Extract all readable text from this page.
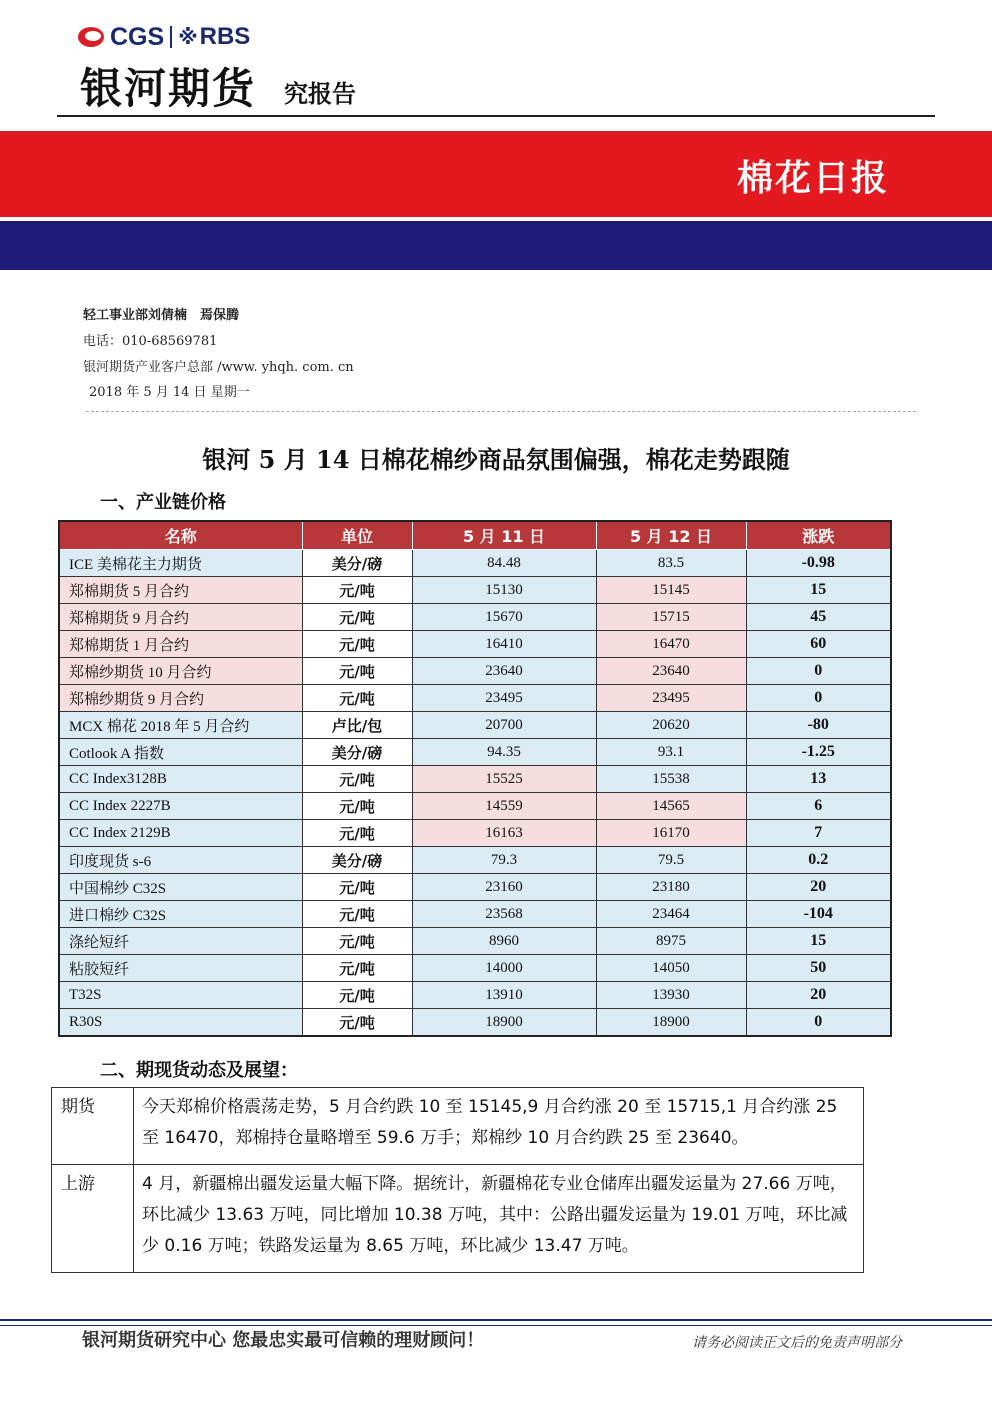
CGS ※ RBS
银河期货 究报告
棉花日报
轻工事业部刘倩楠　焉保腾
电话：010-68569781
银河期货产业客户总部 /www. yhqh. com. cn
2018 年 5 月 14 日 星期一
银河 5 月 14 日棉花棉纱商品氛围偏强，棉花走势跟随
一、产业链价格
名称	单位	5 月 11 日	5 月 12 日	涨跌
ICE 美棉花主力期货	美分/磅	84.48	83.5	-0.98
郑棉期货 5 月合约	元/吨	15130	15145	15
郑棉期货 9 月合约	元/吨	15670	15715	45
郑棉期货 1 月合约	元/吨	16410	16470	60
郑棉纱期货 10 月合约	元/吨	23640	23640	0
郑棉纱期货 9 月合约	元/吨	23495	23495	0
MCX 棉花 2018 年 5 月合约	卢比/包	20700	20620	-80
Cotlook A 指数	美分/磅	94.35	93.1	-1.25
CC Index3128B	元/吨	15525	15538	13
CC Index 2227B	元/吨	14559	14565	6
CC Index 2129B	元/吨	16163	16170	7
印度现货 s-6	美分/磅	79.3	79.5	0.2
中国棉纱 C32S	元/吨	23160	23180	20
进口棉纱 C32S	元/吨	23568	23464	-104
涤纶短纤	元/吨	8960	8975	15
粘胶短纤	元/吨	14000	14050	50
T32S	元/吨	13910	13930	20
R30S	元/吨	18900	18900	0
二、期现货动态及展望：
期货	今天郑棉价格震荡走势，5 月合约跌 10 至 15145,9 月合约涨 20 至 15715,1 月合约涨 25 至 16470，郑棉持仓量略增至 59.6 万手；郑棉纱 10 月合约跌 25 至 23640。
上游	4 月，新疆棉出疆发运量大幅下降。据统计，新疆棉花专业仓储库出疆发运量为 27.66 万吨，环比减少 13.63 万吨，同比增加 10.38 万吨，其中：公路出疆发运量为 19.01 万吨，环比减少 0.16 万吨；铁路发运量为 8.65 万吨，环比减少 13.47 万吨。
银河期货研究中心 您最忠实最可信赖的理财顾问！	请务必阅读正文后的免责声明部分
